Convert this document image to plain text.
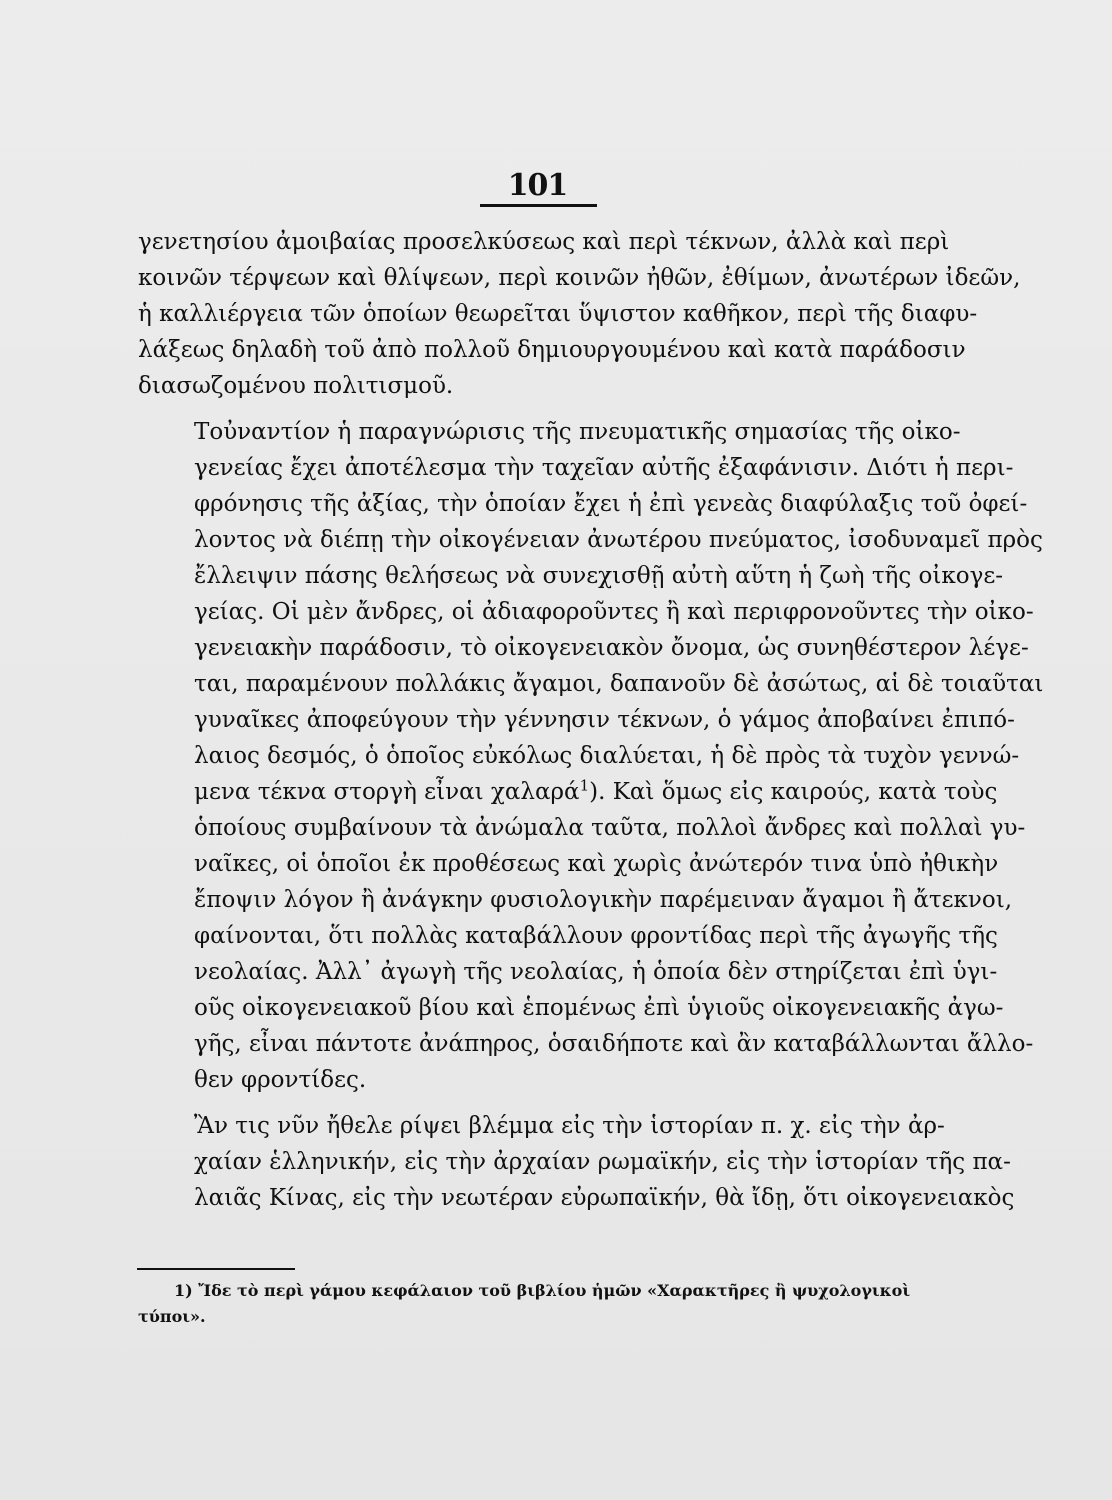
101

γενετησίου ἀμοιβαίας προσελκύσεως καὶ περὶ τέκνων, ἀλλὰ καὶ περὶ
κοινῶν τέρψεων καὶ θλίψεων, περὶ κοινῶν ἠθῶν, ἐθίμων, ἀνωτέρων ἰδεῶν,
ἡ καλλιέργεια τῶν ὁποίων θεωρεῖται ὕψιστον καθῆκον, περὶ τῆς διαφυ-
λάξεως δηλαδὴ τοῦ ἀπὸ πολλοῦ δημιουργουμένου καὶ κατὰ παράδοσιν
διασωζομένου πολιτισμοῦ.

Τοὐναντίον ἡ παραγνώρισις τῆς πνευματικῆς σημασίας τῆς οἰκο-
γενείας ἔχει ἀποτέλεσμα τὴν ταχεῖαν αὐτῆς ἐξαφάνισιν. Διότι ἡ περι-
φρόνησις τῆς ἀξίας, τὴν ὁποίαν ἔχει ἡ ἐπὶ γενεὰς διαφύλαξις τοῦ ὀφεί-
λοντος νὰ διέπῃ τὴν οἰκογένειαν ἀνωτέρου πνεύματος, ἰσοδυναμεῖ πρὸς
ἔλλειψιν πάσης θελήσεως νὰ συνεχισθῇ αὐτὴ αὕτη ἡ ζωὴ τῆς οἰκογε-
γείας. Οἱ μὲν ἄνδρες, οἱ ἀδιαφοροῦντες ἢ καὶ περιφρονοῦντες τὴν οἰκο-
γενειακὴν παράδοσιν, τὸ οἰκογενειακὸν ὄνομα, ὡς συνηθέστερον λέγε-
ται, παραμένουν πολλάκις ἄγαμοι, δαπανοῦν δὲ ἀσώτως, αἱ δὲ τοιαῦται
γυναῖκες ἀποφεύγουν τὴν γέννησιν τέκνων, ὁ γάμος ἀποβαίνει ἐπιπό-
λαιος δεσμός, ὁ ὁποῖος εὐκόλως διαλύεται, ἡ δὲ πρὸς τὰ τυχὸν γεννώ-
μενα τέκνα στοργὴ εἶναι χαλαρά$^1$). Καὶ ὅμως εἰς καιρούς, κατὰ τοὺς
ὁποίους συμβαίνουν τὰ ἀνώμαλα ταῦτα, πολλοὶ ἄνδρες καὶ πολλαὶ γυ-
ναῖκες, οἱ ὁποῖοι ἐκ προθέσεως καὶ χωρὶς ἀνώτερόν τινα ὑπὸ ἠθικὴν
ἔποψιν λόγον ἢ ἀνάγκην φυσιολογικὴν παρέμειναν ἄγαμοι ἢ ἄτεκνοι,
φαίνονται, ὅτι πολλὰς καταβάλλουν φροντίδας περὶ τῆς ἀγωγῆς τῆς
νεολαίας. Ἀλλ᾽ ἀγωγὴ τῆς νεολαίας, ἡ ὁποία δὲν στηρίζεται ἐπὶ ὑγι-
οῦς οἰκογενειακοῦ βίου καὶ ἑπομένως ἐπὶ ὑγιοῦς οἰκογενειακῆς ἀγω-
γῆς, εἶναι πάντοτε ἀνάπηρος, ὁσαιδήποτε καὶ ἂν καταβάλλωνται ἄλλο-
θεν φροντίδες.

Ἂν τις νῦν ἤθελε ρίψει βλέμμα εἰς τὴν ἱστορίαν π. χ. εἰς τὴν ἀρ-
χαίαν ἑλληνικήν, εἰς τὴν ἀρχαίαν ρωμαϊκήν, εἰς τὴν ἱστορίαν τῆς πα-
λαιᾶς Κίνας, εἰς τὴν νεωτέραν εὐρωπαϊκήν, θὰ ἴδῃ, ὅτι οἰκογενειακὸς

1) Ἴδε τὸ περὶ γάμου κεφάλαιον τοῦ βιβλίου ἡμῶν «Χαρακτῆρες ἢ ψυχολογικοὶ
τύποι».
